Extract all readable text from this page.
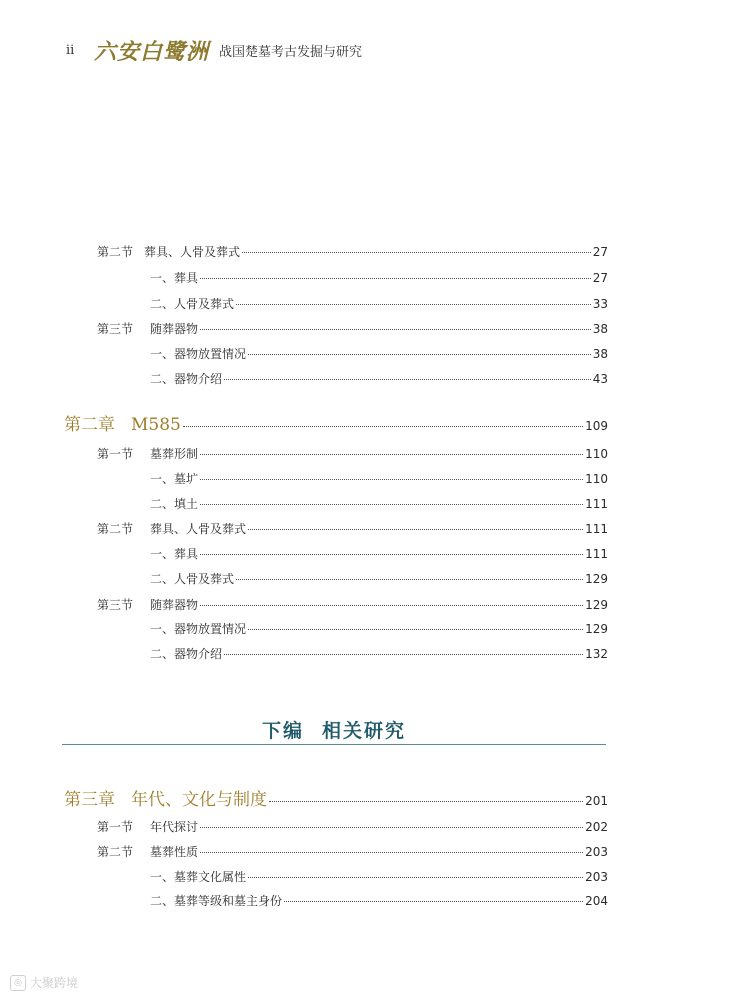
ii 六安白鹭洲 战国楚墓考古发掘与研究
第二节 葬具、人骨及葬式	27
一、葬具	27
二、人骨及葬式	33
第三节	随葬器物	38
一、器物放置情况	38
二、器物介绍	43
第二章 M585	109
第一节	墓葬形制	110
一、墓圹	110
二、填土	111
第二节	葬具、人骨及葬式	111
一、葬具	111
二、人骨及葬式	129
第三节	随葬器物	129
一、器物放置情况	129
二、器物介绍	132
下编 相关研究
第三章 年代、文化与制度	201
第一节	年代探讨	202
第二节	墓葬性质	203
一、墓葬文化属性	203
二、墓葬等级和墓主身份	204
◎ 大聚跨境
